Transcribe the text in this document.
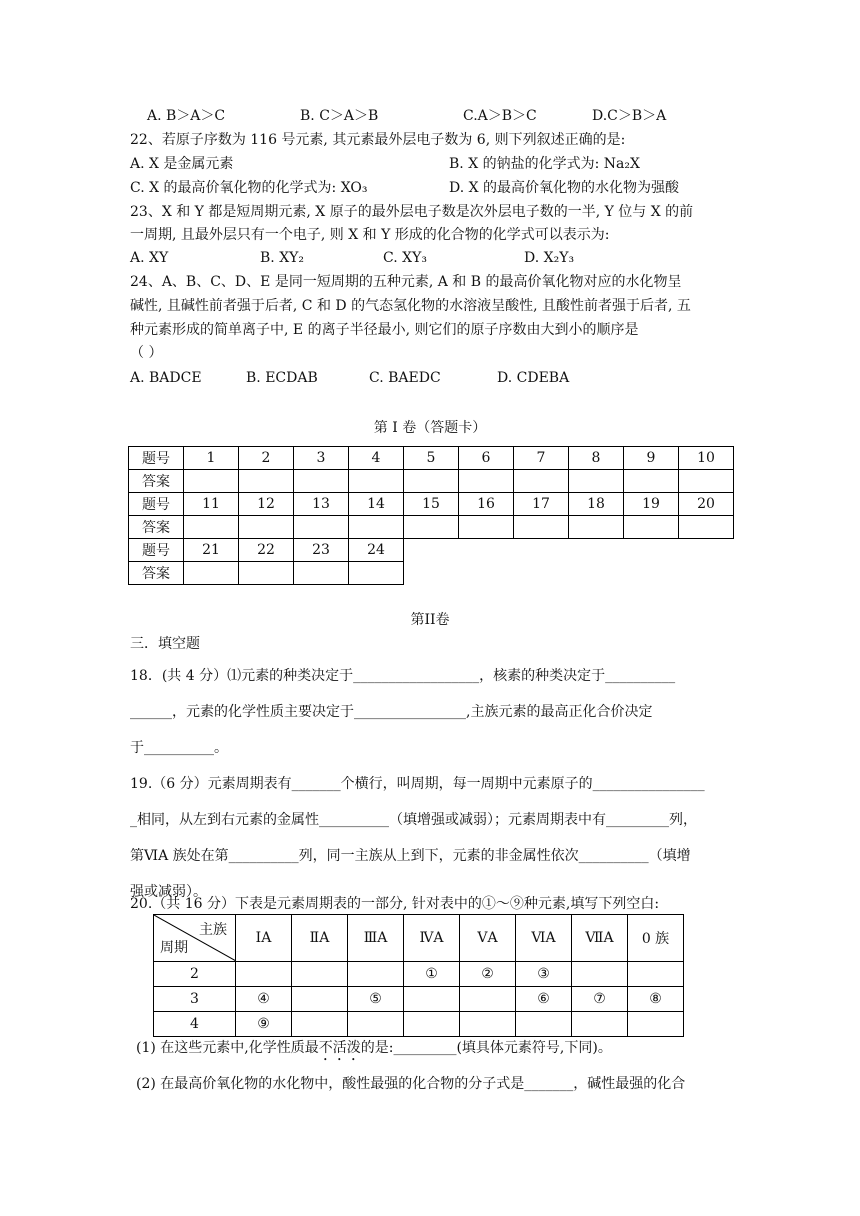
A. B＞A＞C	B. C＞A＞B	C.A＞B＞C	D.C＞B＞A
22、若原子序数为 116 号元素, 其元素最外层电子数为 6, 则下列叙述正确的是:
A. X 是金属元素	B. X 的钠盐的化学式为: Na₂X
C. X 的最高价氧化物的化学式为: XO₃	D. X 的最高价氧化物的水化物为强酸
23、X 和 Y 都是短周期元素, X 原子的最外层电子数是次外层电子数的一半, Y 位与 X 的前
一周期, 且最外层只有一个电子, 则 X 和 Y 形成的化合物的化学式可以表示为:
A. XY	B. XY₂	C. XY₃	D. X₂Y₃
24、A、B、C、D、E 是同一短周期的五种元素, A 和 B 的最高价氧化物对应的水化物呈
碱性, 且碱性前者强于后者, C 和 D 的气态氢化物的水溶液呈酸性, 且酸性前者强于后者, 五
种元素形成的简单离子中, E 的离子半径最小, 则它们的原子序数由大到小的顺序是
（ ）
A. BADCE	B. ECDAB	C. BAEDC	D. CDEBA
第 I 卷（答题卡）
题号	1	2	3	4	5	6	7	8	9	10
答案										
题号	11	12	13	14	15	16	17	18	19	20
答案										
题号	21	22	23	24						
答案										
第II卷
三．填空题
18．(共 4 分）⑴元素的种类决定于__________________，核素的种类决定于__________
______，元素的化学性质主要决定于________________,主族元素的最高正化合价决定
于__________。
19.（6 分）元素周期表有_______个横行，叫周期，每一周期中元素原子的________________
_相同，从左到右元素的金属性__________（填增强或减弱）；元素周期表中有_________列，
第ⅥA 族处在第__________列，同一主族从上到下，元素的非金属性依次__________（填增
强或减弱）。
20.（共 16 分）下表是元素周期表的一部分, 针对表中的①～⑨种元素,填写下列空白:
主族
周期	ⅠA	ⅡA	ⅢA	ⅣA	ⅤA	ⅥA	ⅦA	0 族
2				①	②	③		
3	④		⑤			⑥	⑦	⑧
4	⑨							
(1) 在这些元素中,化学性质最不活泼的是:_________(填具体元素符号,下同)。
(2) 在最高价氧化物的水化物中，酸性最强的化合物的分子式是_______，碱性最强的化合
